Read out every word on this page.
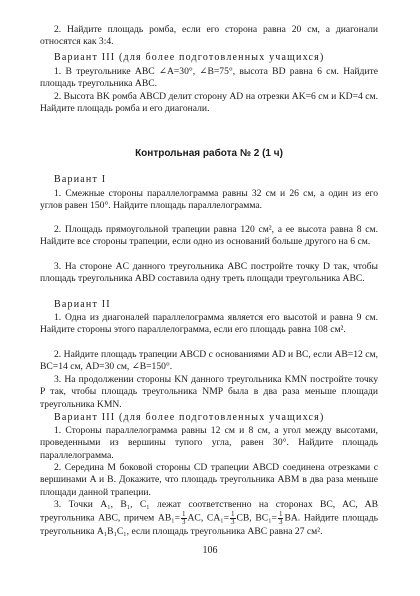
2. Найдите площадь ромба, если его сторона равна 20 см, а диагонали относятся как 3:4.

Вариант III (для более подготовленных учащихся)

1. В треугольнике ABC ∠A=30°, ∠B=75°, высота BD равна 6 см. Найдите площадь треугольника ABC.

2. Высота BK ромба ABCD делит сторону AD на отрезки AK=6 см и KD=4 см. Найдите площадь ромба и его диагонали.

Контрольная работа № 2 (1 ч)

Вариант I

1. Смежные стороны параллелограмма равны 32 см и 26 см, а один из его углов равен 150°. Найдите площадь параллелограмма.

2. Площадь прямоугольной трапеции равна 120 см², а ее высота равна 8 см. Найдите все стороны трапеции, если одно из оснований больше другого на 6 см.

3. На стороне AC данного треугольника ABC постройте точку D так, чтобы площадь треугольника ABD составила одну треть площади треугольника ABC.

Вариант II

1. Одна из диагоналей параллелограмма является его высотой и равна 9 см. Найдите стороны этого параллелограмма, если его площадь равна 108 см².

2. Найдите площадь трапеции ABCD с основаниями AD и BC, если AB=12 см, BC=14 см, AD=30 см, ∠B=150°.

3. На продолжении стороны KN данного треугольника KMN постройте точку P так, чтобы площадь треугольника NMP была в два раза меньше площади треугольника KMN.

Вариант III (для более подготовленных учащихся)

1. Стороны параллелограмма равны 12 см и 8 см, а угол между высотами, проведенными из вершины тупого угла, равен 30°. Найдите площадь параллелограмма.

2. Середина M боковой стороны CD трапеции ABCD соединена отрезками с вершинами A и B. Докажите, что площадь треугольника ABM в два раза меньше площади данной трапеции.

3. Точки A₁, B₁, C₁ лежат соответственно на сторонах BC, AC, AB треугольника ABC, причем $AB_1= \frac{1}{3}$ AC, $CA_1= \frac{1}{3}$ CB, $BC_1= \frac{1}{3}$ BA. Найдите площадь треугольника A₁B₁C₁, если площадь треугольника ABC равна 27 см².

106
